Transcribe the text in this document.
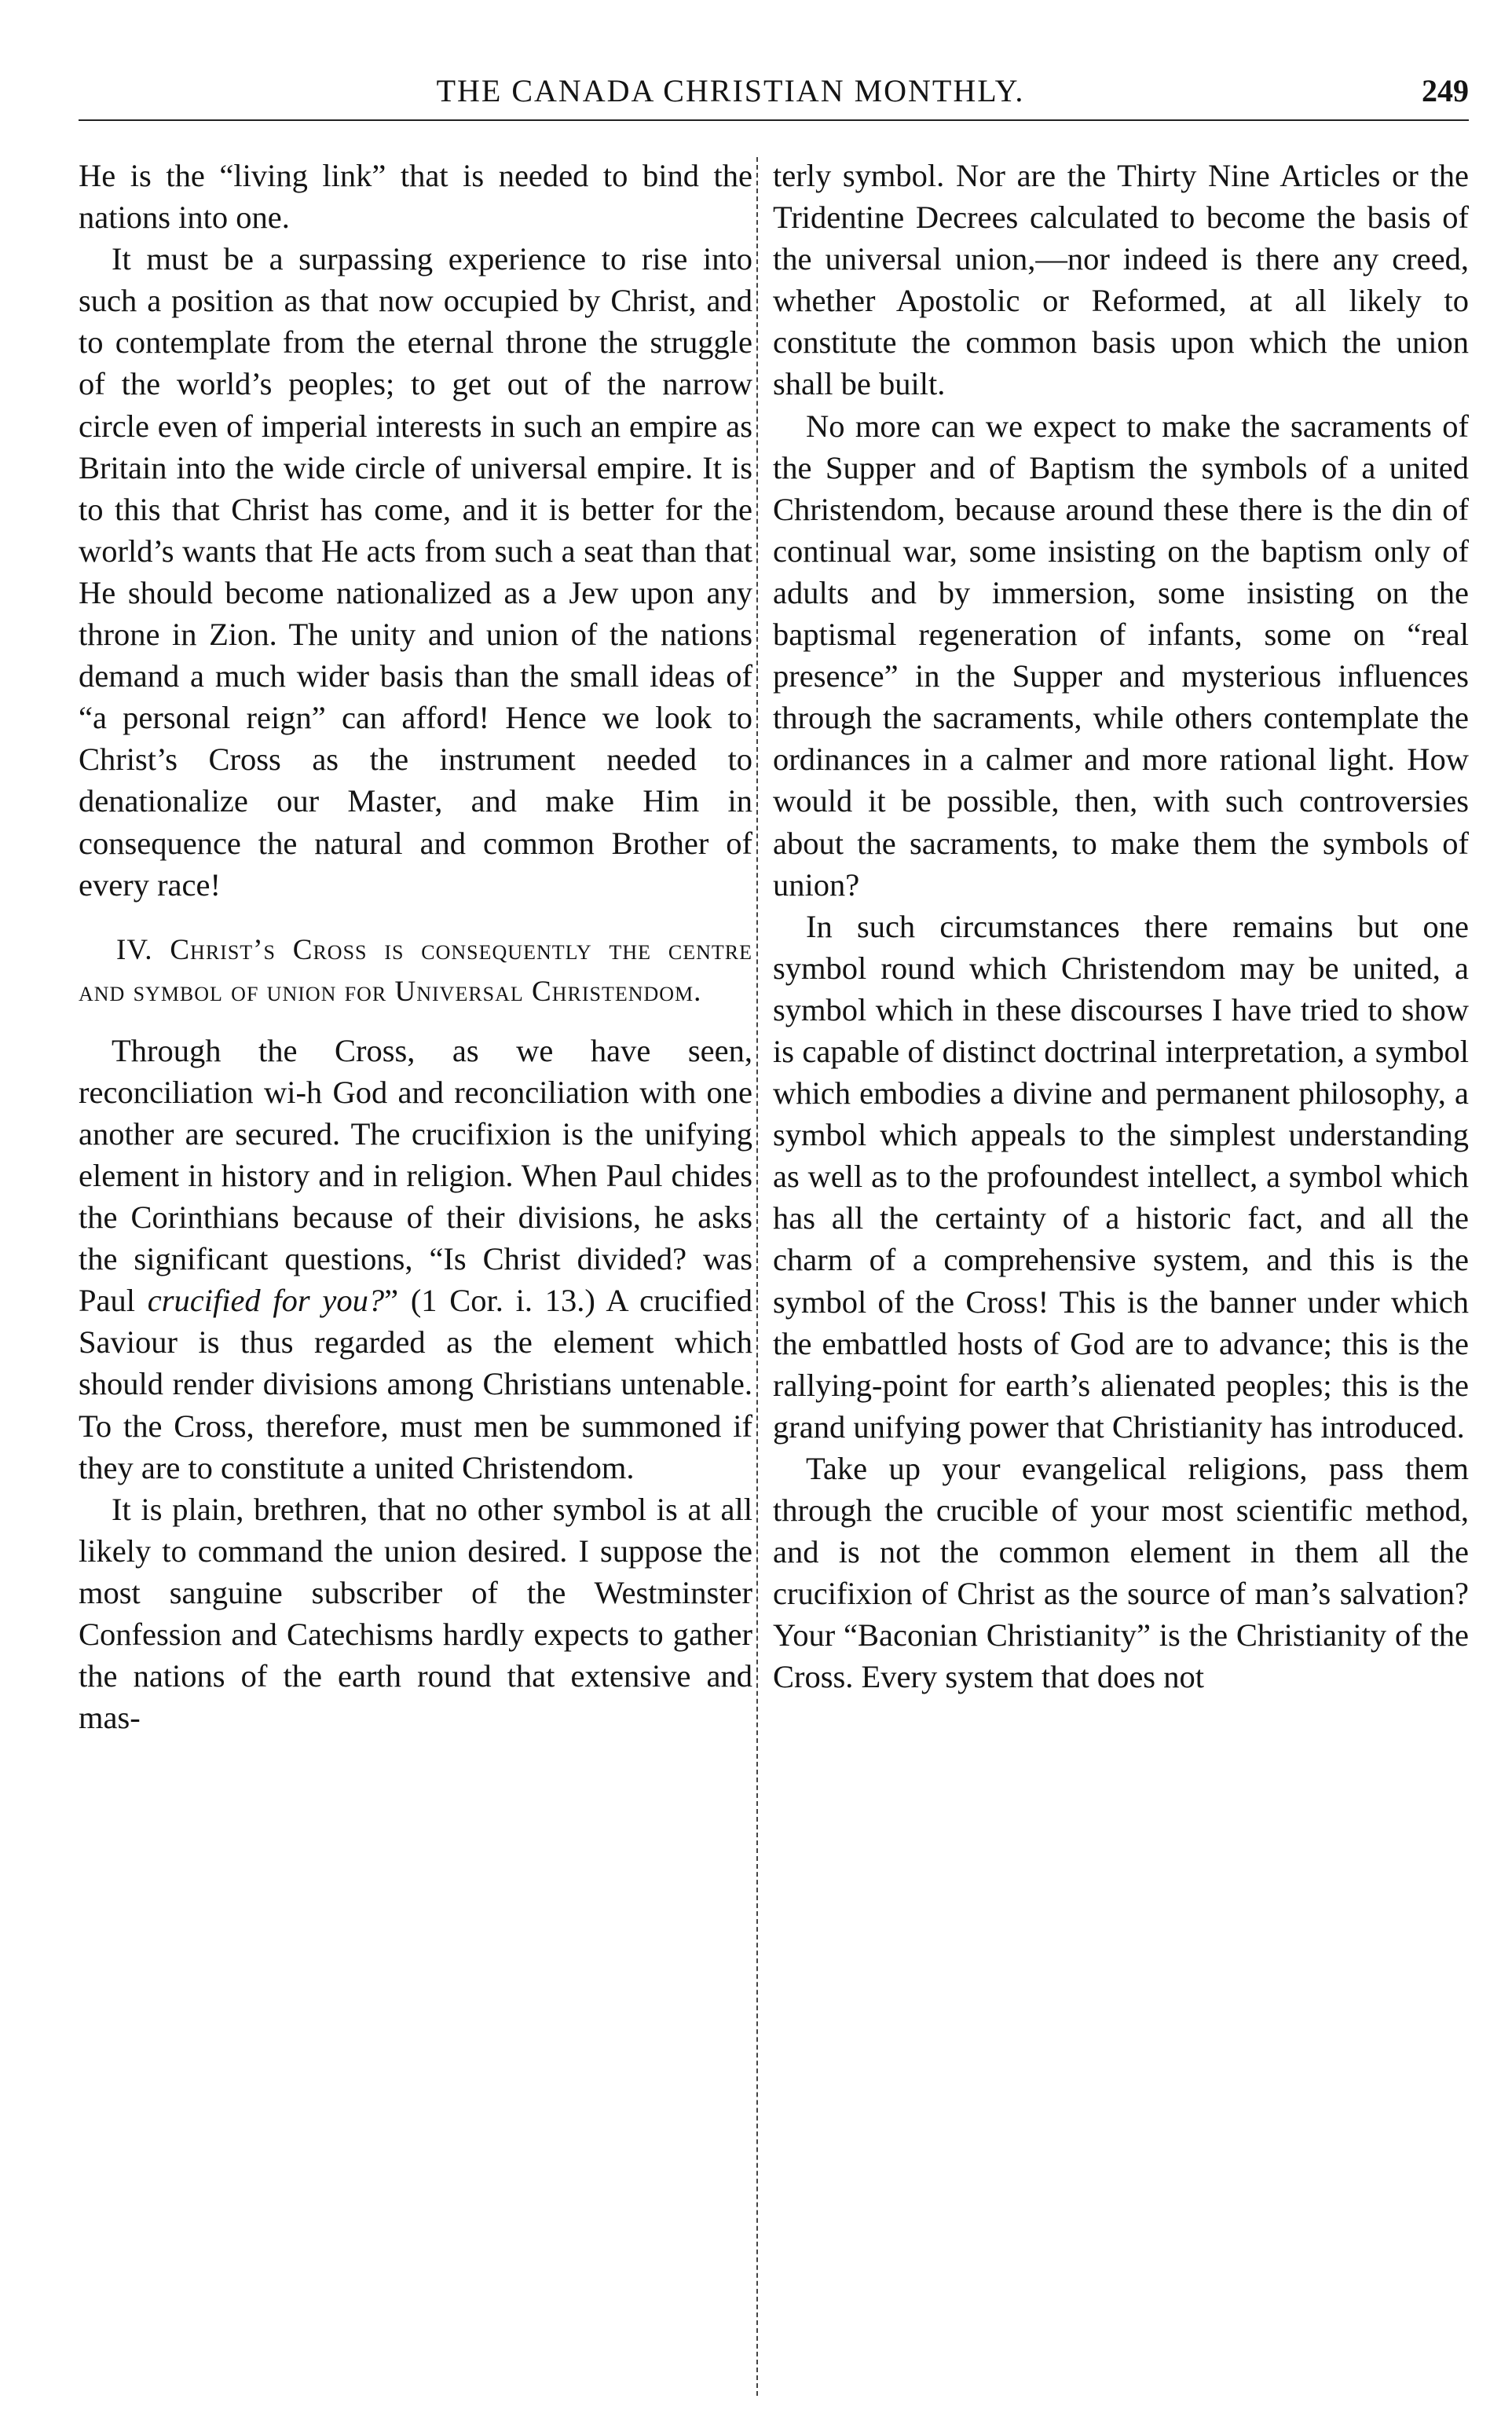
THE CANADA CHRISTIAN MONTHLY.	249

He is the “living link” that is needed to bind the nations into one.

It must be a surpassing experience to rise into such a position as that now occupied by Christ, and to contemplate from the eternal throne the struggle of the world’s peoples; to get out of the narrow circle even of imperial interests in such an empire as Britain into the wide circle of universal empire. It is to this that Christ has come, and it is better for the world’s wants that He acts from such a seat than that He should become nationalized as a Jew upon any throne in Zion. The unity and union of the nations demand a much wider basis than the small ideas of “a personal reign” can afford! Hence we look to Christ’s Cross as the instrument needed to denationalize our Master, and make Him in consequence the natural and common Brother of every race!

IV. Christ’s Cross is consequently the centre and symbol of union for Universal Christendom.

Through the Cross, as we have seen, reconciliation wi-h God and reconciliation with one another are secured. The crucifixion is the unifying element in history and in religion. When Paul chides the Corinthians because of their divisions, he asks the significant questions, “Is Christ divided? was Paul crucified for you?” (1 Cor. i. 13.) A crucified Saviour is thus regarded as the element which should render divisions among Christians untenable. To the Cross, therefore, must men be summoned if they are to constitute a united Christendom.

It is plain, brethren, that no other symbol is at all likely to command the union desired. I suppose the most sanguine subscriber of the Westminster Confession and Catechisms hardly expects to gather the nations of the earth round that extensive and mas-

terly symbol. Nor are the Thirty Nine Articles or the Tridentine Decrees calculated to become the basis of the universal union,—nor indeed is there any creed, whether Apostolic or Reformed, at all likely to constitute the common basis upon which the union shall be built.

No more can we expect to make the sacraments of the Supper and of Baptism the symbols of a united Christendom, because around these there is the din of continual war, some insisting on the baptism only of adults and by immersion, some insisting on the baptismal regeneration of infants, some on “real presence” in the Supper and mysterious influences through the sacraments, while others contemplate the ordinances in a calmer and more rational light. How would it be possible, then, with such controversies about the sacraments, to make them the symbols of union?

In such circumstances there remains but one symbol round which Christendom may be united, a symbol which in these discourses I have tried to show is capable of distinct doctrinal interpretation, a symbol which embodies a divine and permanent philosophy, a symbol which appeals to the simplest understanding as well as to the profoundest intellect, a symbol which has all the certainty of a historic fact, and all the charm of a comprehensive system, and this is the symbol of the Cross! This is the banner under which the embattled hosts of God are to advance; this is the rallying-point for earth’s alienated peoples; this is the grand unifying power that Christianity has introduced.

Take up your evangelical religions, pass them through the crucible of your most scientific method, and is not the common element in them all the crucifixion of Christ as the source of man’s salvation? Your “Baconian Christianity” is the Christianity of the Cross. Every system that does not
